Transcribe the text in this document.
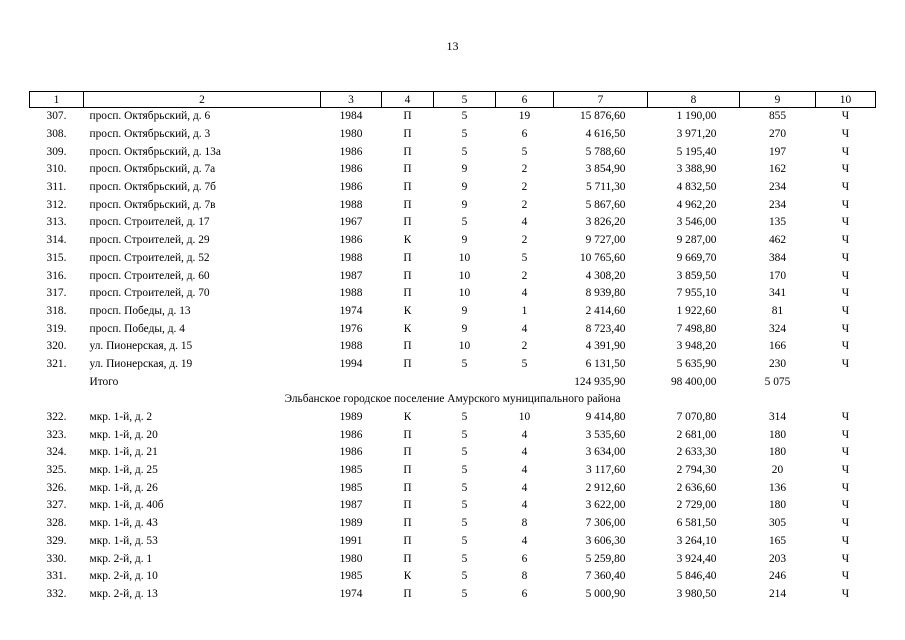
13
1	2	3	4	5	6	7	8	9	10
307.	просп. Октябрьский, д. 6	1984	П	5	19	15 876,60	1 190,00	855	Ч
308.	просп. Октябрьский, д. 3	1980	П	5	6	4 616,50	3 971,20	270	Ч
309.	просп. Октябрьский, д. 13а	1986	П	5	5	5 788,60	5 195,40	197	Ч
310.	просп. Октябрьский, д. 7а	1986	П	9	2	3 854,90	3 388,90	162	Ч
311.	просп. Октябрьский, д. 7б	1986	П	9	2	5 711,30	4 832,50	234	Ч
312.	просп. Октябрьский, д. 7в	1988	П	9	2	5 867,60	4 962,20	234	Ч
313.	просп. Строителей, д. 17	1967	П	5	4	3 826,20	3 546,00	135	Ч
314.	просп. Строителей, д. 29	1986	К	9	2	9 727,00	9 287,00	462	Ч
315.	просп. Строителей, д. 52	1988	П	10	5	10 765,60	9 669,70	384	Ч
316.	просп. Строителей, д. 60	1987	П	10	2	4 308,20	3 859,50	170	Ч
317.	просп. Строителей, д. 70	1988	П	10	4	8 939,80	7 955,10	341	Ч
318.	просп. Победы, д. 13	1974	К	9	1	2 414,60	1 922,60	81	Ч
319.	просп. Победы, д. 4	1976	К	9	4	8 723,40	7 498,80	324	Ч
320.	ул. Пионерская, д. 15	1988	П	10	2	4 391,90	3 948,20	166	Ч
321.	ул. Пионерская, д. 19	1994	П	5	5	6 131,50	5 635,90	230	Ч
	Итого					124 935,90	98 400,00	5 075	
Эльбанское городское поселение Амурского муниципального района									
322.	мкр. 1-й, д. 2	1989	К	5	10	9 414,80	7 070,80	314	Ч
323.	мкр. 1-й, д. 20	1986	П	5	4	3 535,60	2 681,00	180	Ч
324.	мкр. 1-й, д. 21	1986	П	5	4	3 634,00	2 633,30	180	Ч
325.	мкр. 1-й, д. 25	1985	П	5	4	3 117,60	2 794,30	20	Ч
326.	мкр. 1-й, д. 26	1985	П	5	4	2 912,60	2 636,60	136	Ч
327.	мкр. 1-й, д. 40б	1987	П	5	4	3 622,00	2 729,00	180	Ч
328.	мкр. 1-й, д. 43	1989	П	5	8	7 306,00	6 581,50	305	Ч
329.	мкр. 1-й, д. 53	1991	П	5	4	3 606,30	3 264,10	165	Ч
330.	мкр. 2-й, д. 1	1980	П	5	6	5 259,80	3 924,40	203	Ч
331.	мкр. 2-й, д. 10	1985	К	5	8	7 360,40	5 846,40	246	Ч
332.	мкр. 2-й, д. 13	1974	П	5	6	5 000,90	3 980,50	214	Ч
